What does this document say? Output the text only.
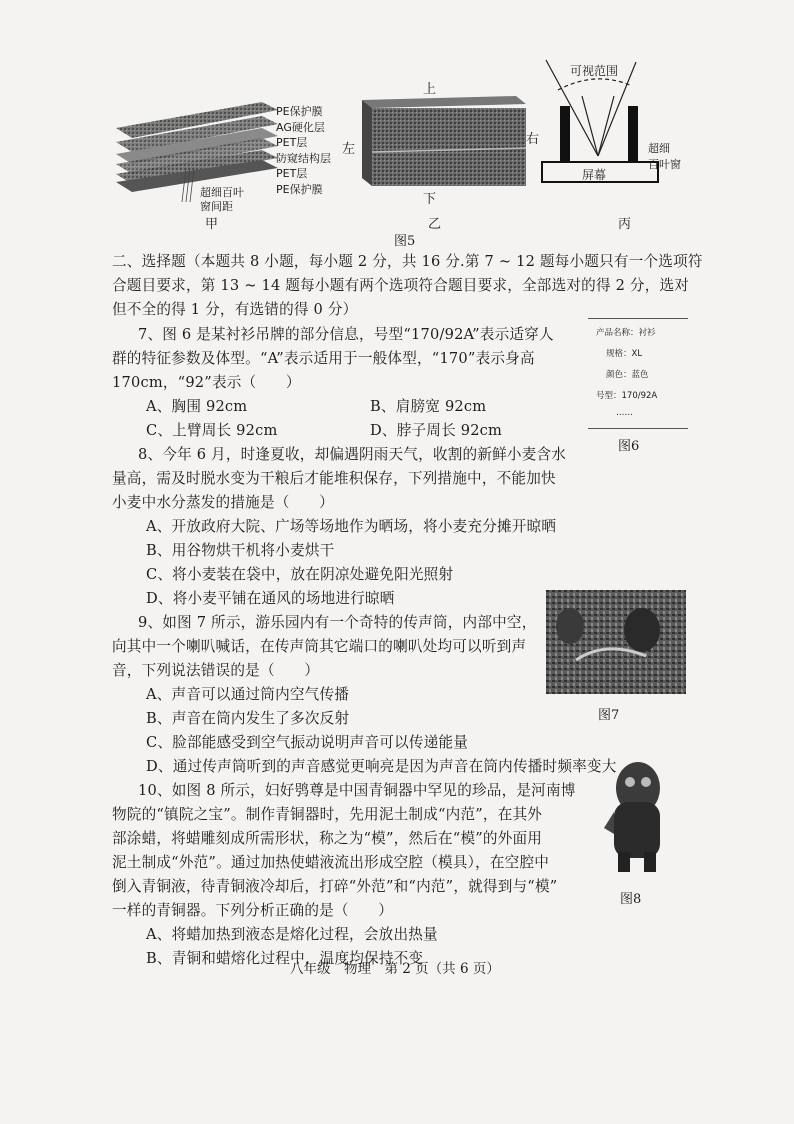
PE保护膜
AG硬化层
PET层
防窥结构层
PET层
PE保护膜
超细百叶
窗间距
甲
上
下
左
右
乙
可视范围
超细
百叶窗
屏幕
丙
图5
二、选择题（本题共 8 小题，每小题 2 分，共 16 分.第 7 ~ 12 题每小题只有一个选项符
合题目要求，第 13 ~ 14 题每小题有两个选项符合题目要求，全部选对的得 2 分，选对
但不全的得 1 分，有选错的得 0 分）
7、图 6 是某衬衫吊牌的部分信息，号型“170/92A”表示适穿人
群的特征参数及体型。“A”表示适用于一般体型，“170”表示身高
170cm，“92”表示（　　）
A、胸围 92cm	B、肩膀宽 92cm
C、上臂周长 92cm	D、脖子周长 92cm
产品名称：衬衫
规格：XL
颜色：蓝色
号型：170/92A
……
图6
8、今年 6 月，时逢夏收，却偏遇阴雨天气，收割的新鲜小麦含水
量高，需及时脱水变为干粮后才能堆积保存，下列措施中，不能加快
小麦中水分蒸发的措施是（　　）
A、开放政府大院、广场等场地作为晒场，将小麦充分摊开晾晒
B、用谷物烘干机将小麦烘干
C、将小麦装在袋中，放在阴凉处避免阳光照射
D、将小麦平铺在通风的场地进行晾晒
9、如图 7 所示，游乐园内有一个奇特的传声筒，内部中空，
向其中一个喇叭喊话，在传声筒其它端口的喇叭处均可以听到声
音，下列说法错误的是（　　）
A、声音可以通过筒内空气传播
B、声音在筒内发生了多次反射
C、脸部能感受到空气振动说明声音可以传递能量
D、通过传声筒听到的声音感觉更响亮是因为声音在筒内传播时频率变大
图7
10、如图 8 所示，妇好鸮尊是中国青铜器中罕见的珍品，是河南博
物院的“镇院之宝”。制作青铜器时，先用泥土制成“内范”，在其外
部涂蜡，将蜡雕刻成所需形状，称之为“模”，然后在“模”的外面用
泥土制成“外范”。通过加热使蜡液流出形成空腔（模具），在空腔中
倒入青铜液，待青铜液冷却后，打碎“外范”和“内范”，就得到与“模”
一样的青铜器。下列分析正确的是（　　）
A、将蜡加热到液态是熔化过程，会放出热量
B、青铜和蜡熔化过程中，温度均保持不变
图8
八年级　物理　第 2 页（共 6 页）
